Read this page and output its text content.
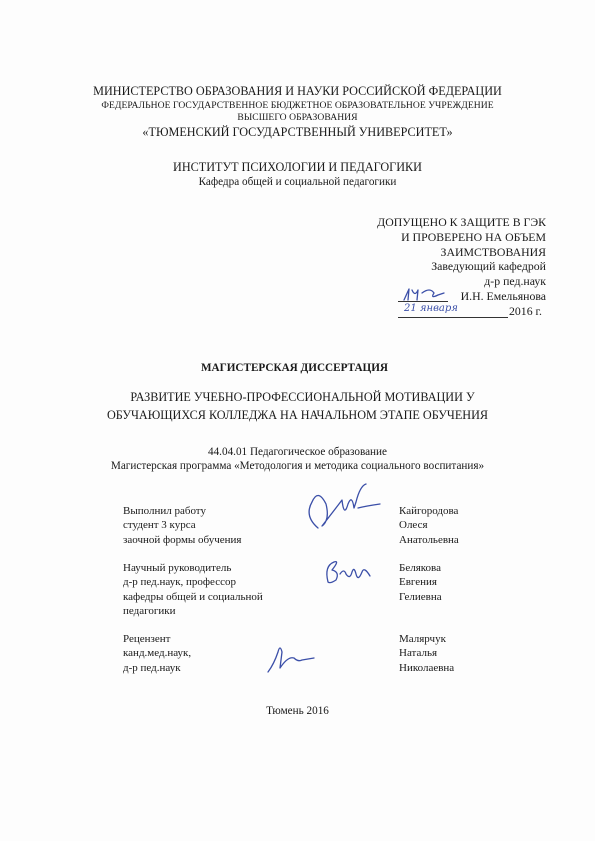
МИНИСТЕРСТВО ОБРАЗОВАНИЯ И НАУКИ РОССИЙСКОЙ ФЕДЕРАЦИИ
ФЕДЕРАЛЬНОЕ ГОСУДАРСТВЕННОЕ БЮДЖЕТНОЕ ОБРАЗОВАТЕЛЬНОЕ УЧРЕЖДЕНИЕ
ВЫСШЕГО ОБРАЗОВАНИЯ
«ТЮМЕНСКИЙ ГОСУДАРСТВЕННЫЙ УНИВЕРСИТЕТ»
ИНСТИТУТ ПСИХОЛОГИИ И ПЕДАГОГИКИ
Кафедра общей и социальной педагогики
ДОПУЩЕНО К ЗАЩИТЕ В ГЭК
И ПРОВЕРЕНО НА ОБЪЕМ
ЗАИМСТВОВАНИЯ
Заведующий кафедрой
д-р пед.наук
И.Н. Емельянова
21 января	2016 г.
МАГИСТЕРСКАЯ ДИССЕРТАЦИЯ
РАЗВИТИЕ УЧЕБНО-ПРОФЕССИОНАЛЬНОЙ МОТИВАЦИИ У
ОБУЧАЮЩИХСЯ КОЛЛЕДЖА НА НАЧАЛЬНОМ ЭТАПЕ ОБУЧЕНИЯ
44.04.01 Педагогическое образование
Магистерская программа «Методология и методика социального воспитания»
Выполнил работу
студент 3 курса
заочной формы обучения
Кайгородова
Олеся
Анатольевна
Научный руководитель
д-р пед.наук, профессор
кафедры общей и социальной
педагогики
Белякова
Евгения
Гелиевна
Рецензент
канд.мед.наук,
д-р пед.наук
Малярчук
Наталья
Николаевна
Тюмень 2016
